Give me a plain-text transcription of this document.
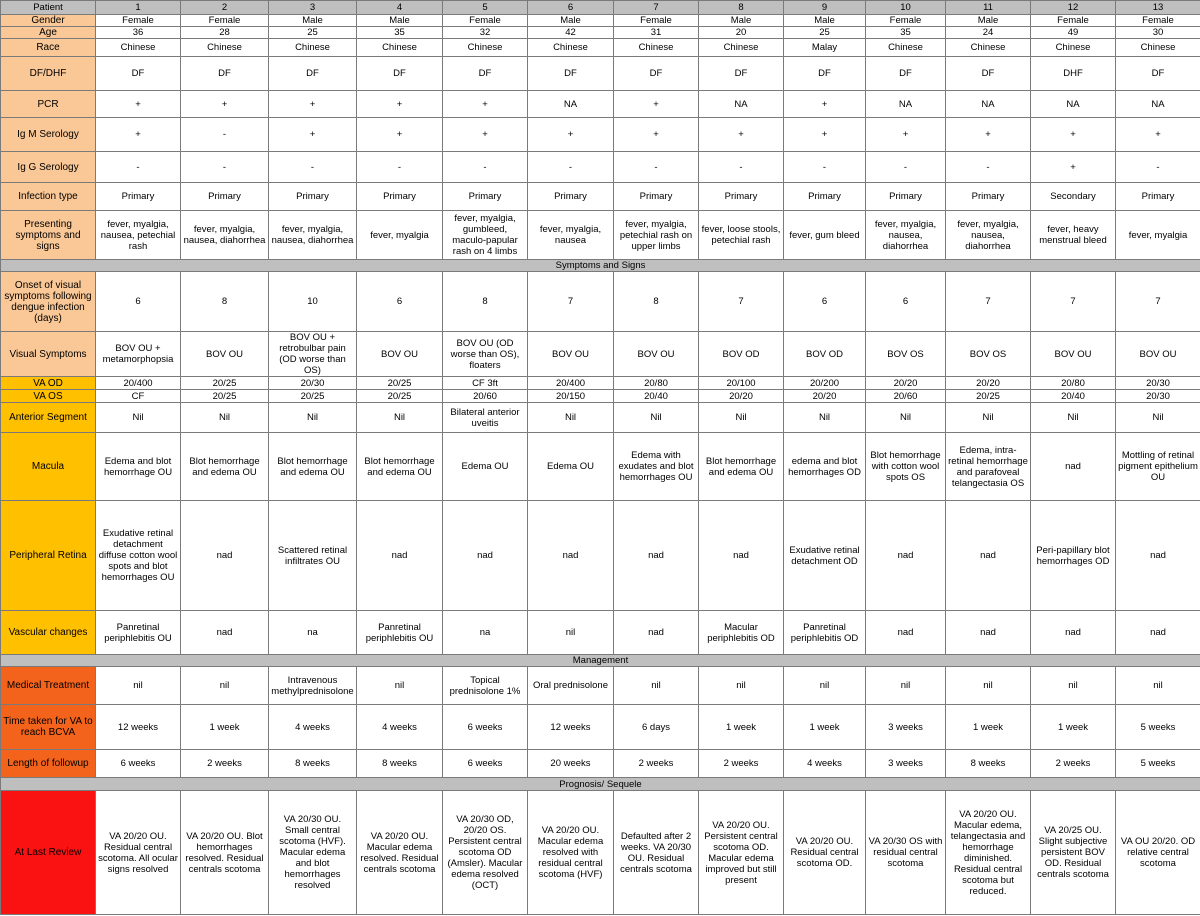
Patient	1	2	3	4	5	6	7	8	9	10	11	12	13
Gender	Female	Female	Male	Male	Female	Male	Female	Male	Male	Female	Male	Female	Female
Age	36	28	25	35	32	42	31	20	25	35	24	49	30
Race	Chinese	Chinese	Chinese	Chinese	Chinese	Chinese	Chinese	Chinese	Malay	Chinese	Chinese	Chinese	Chinese
DF/DHF	DF	DF	DF	DF	DF	DF	DF	DF	DF	DF	DF	DHF	DF
PCR	+	+	+	+	+	NA	+	NA	+	NA	NA	NA	NA
Ig M Serology	+	-	+	+	+	+	+	+	+	+	+	+	+
Ig G Serology	-	-	-	-	-	-	-	-	-	-	-	+	-
Infection type	Primary	Primary	Primary	Primary	Primary	Primary	Primary	Primary	Primary	Primary	Primary	Secondary	Primary
Presenting symptoms and signs	fever, myalgia, nausea, petechial rash	fever, myalgia, nausea, diahorrhea	fever, myalgia, nausea, diahorrhea	fever, myalgia	fever, myalgia, gumbleed, maculo-papular rash on 4 limbs	fever, myalgia, nausea	fever, myalgia, petechial rash on upper limbs	fever, loose stools, petechial rash	fever, gum bleed	fever, myalgia, nausea, diahorrhea	fever, myalgia, nausea, diahorrhea	fever, heavy menstrual bleed	fever, myalgia
Symptoms and Signs													
Onset of visual symptoms following dengue infection (days)	6	8	10	6	8	7	8	7	6	6	7	7	7
Visual Symptoms	BOV OU + metamorphopsia	BOV OU	BOV OU + retrobulbar pain (OD worse than OS)	BOV OU	BOV OU (OD worse than OS), floaters	BOV OU	BOV OU	BOV OD	BOV OD	BOV OS	BOV OS	BOV OU	BOV OU
VA OD	20/400	20/25	20/30	20/25	CF 3ft	20/400	20/80	20/100	20/200	20/20	20/20	20/80	20/30
VA OS	CF	20/25	20/25	20/25	20/60	20/150	20/40	20/20	20/20	20/60	20/25	20/40	20/30
Anterior Segment	Nil	Nil	Nil	Nil	Bilateral anterior uveitis	Nil	Nil	Nil	Nil	Nil	Nil	Nil	Nil
Macula	Edema and blot hemorrhage OU	Blot hemorrhage and edema OU	Blot hemorrhage and edema OU	Blot hemorrhage and edema OU	Edema OU	Edema OU	Edema with exudates and blot hemorrhages OU	Blot hemorrhage and edema OU	edema and blot hemorrhages OD	Blot hemorrhage with cotton wool spots OS	Edema, intra-retinal hemorrhage and parafoveal telangectasia OS	nad	Mottling of retinal pigment epithelium OU
Peripheral Retina	Exudative retinal detachment diffuse cotton wool spots and blot hemorrhages OU	nad	Scattered retinal infiltrates OU	nad	nad	nad	nad	nad	Exudative retinal detachment OD	nad	nad	Peri-papillary blot hemorrhages OD	nad
Vascular changes	Panretinal periphlebitis OU	nad	na	Panretinal periphlebitis OU	na	nil	nad	Macular periphlebitis OD	Panretinal periphlebitis OD	nad	nad	nad	nad
Management													
Medical Treatment	nil	nil	Intravenous methylprednisolone	nil	Topical prednisolone 1%	Oral prednisolone	nil	nil	nil	nil	nil	nil	nil
Time taken for VA to reach BCVA	12 weeks	1 week	4 weeks	4 weeks	6 weeks	12 weeks	6 days	1 week	1 week	3 weeks	1 week	1 week	5 weeks
Length of followup	6 weeks	2 weeks	8 weeks	8 weeks	6 weeks	20 weeks	2 weeks	2 weeks	4 weeks	3 weeks	8 weeks	2 weeks	5 weeks
Prognosis/ Sequele													
At Last Review	VA 20/20 OU. Residual central scotoma. All ocular signs resolved	VA 20/20 OU. Blot hemorrhages resolved. Residual centrals scotoma	VA 20/30 OU. Small central scotoma (HVF). Macular edema and blot hemorrhages resolved	VA 20/20 OU. Macular edema resolved. Residual centrals scotoma	VA 20/30 OD, 20/20 OS. Persistent central scotoma OD (Amsler). Macular edema resolved (OCT)	VA 20/20 OU. Macular edema resolved with residual central scotoma (HVF)	Defaulted after 2 weeks. VA 20/30 OU. Residual centrals scotoma	VA 20/20 OU. Persistent central scotoma OD. Macular edema improved but still present	VA 20/20 OU. Residual central scotoma OD.	VA 20/30 OS with residual central scotoma	VA 20/20 OU. Macular edema, telangectasia and hemorrhage diminished. Residual central scotoma but reduced.	VA 20/25 OU. Slight subjective persistent BOV OD. Residual centrals scotoma	VA OU 20/20. OD relative central scotoma
